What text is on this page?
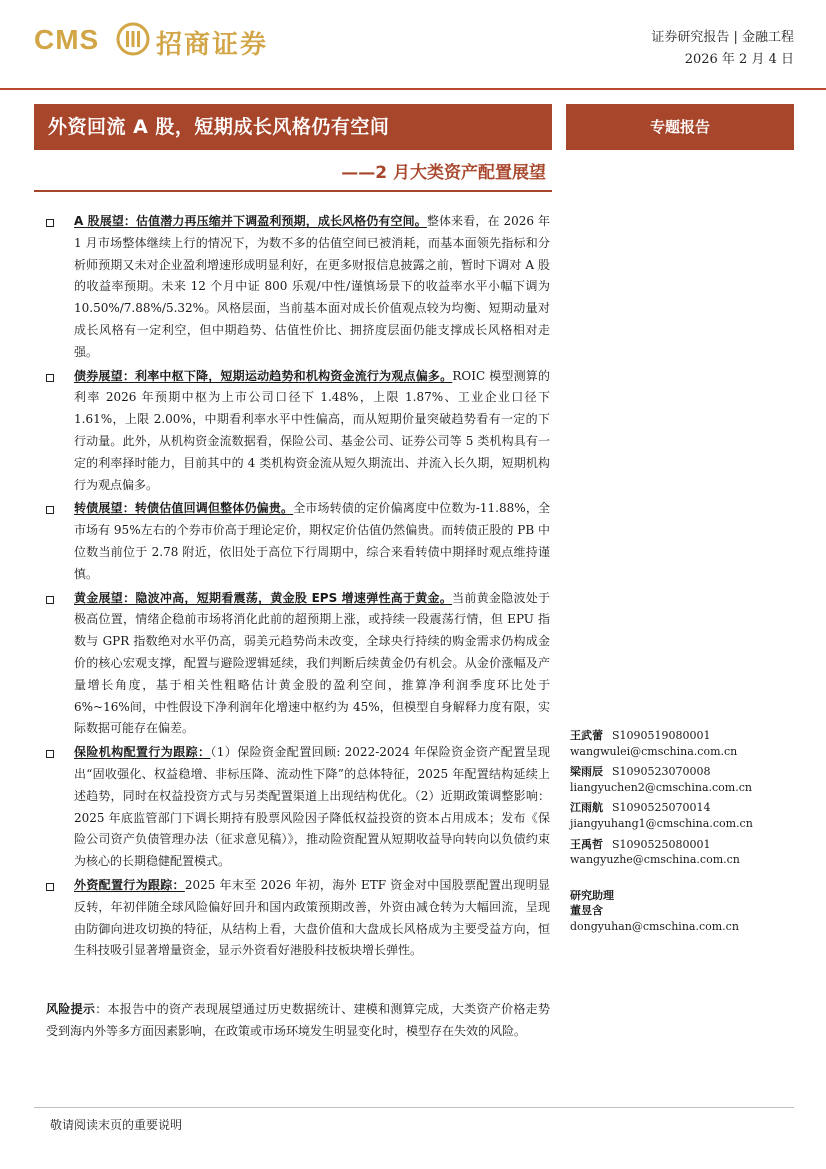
CMS 招商证券	证券研究报告 | 金融工程
2026 年 2 月 4 日
外资回流 A 股，短期成长风格仍有空间	专题报告
——2 月大类资产配置展望
A 股展望：估值潜力再压缩并下调盈利预期，成长风格仍有空间。整体来看，在 2026 年 1 月市场整体继续上行的情况下，为数不多的估值空间已被消耗，而基本面领先指标和分析师预期又未对企业盈利增速形成明显利好，在更多财报信息披露之前，暂时下调对 A 股的收益率预期。未来 12 个月中证 800 乐观/中性/谨慎场景下的收益率水平小幅下调为 10.50%/7.88%/5.32%。风格层面，当前基本面对成长价值观点较为均衡、短期动量对成长风格有一定利空，但中期趋势、估值性价比、拥挤度层面仍能支撑成长风格相对走强。
债券展望：利率中枢下降，短期运动趋势和机构资金流行为观点偏多。ROIC 模型测算的利率 2026 年预期中枢为上市公司口径下 1.48%，上限 1.87%、工业企业口径下 1.61%，上限 2.00%，中期看利率水平中性偏高，而从短期价量突破趋势看有一定的下行动量。此外，从机构资金流数据看，保险公司、基金公司、证券公司等 5 类机构具有一定的利率择时能力，目前其中的 4 类机构资金流从短久期流出、并流入长久期，短期机构行为观点偏多。
转债展望：转债估值回调但整体仍偏贵。全市场转债的定价偏离度中位数为-11.88%，全市场有 95%左右的个券市价高于理论定价，期权定价估值仍然偏贵。而转债正股的 PB 中位数当前位于 2.78 附近，依旧处于高位下行周期中，综合来看转债中期择时观点维持谨慎。
黄金展望：隐波冲高，短期看震荡，黄金股 EPS 增速弹性高于黄金。当前黄金隐波处于极高位置，情绪企稳前市场将消化此前的超预期上涨，或持续一段震荡行情，但 EPU 指数与 GPR 指数绝对水平仍高，弱美元趋势尚未改变，全球央行持续的购金需求仍构成金价的核心宏观支撑，配置与避险逻辑延续，我们判断后续黄金仍有机会。从金价涨幅及产量增长角度，基于相关性粗略估计黄金股的盈利空间，推算净利润季度环比处于 6%~16%间，中性假设下净利润年化增速中枢约为 45%，但模型自身解释力度有限，实际数据可能存在偏差。
保险机构配置行为跟踪：（1）保险资金配置回顾: 2022-2024 年保险资金资产配置呈现出“固收强化、权益稳增、非标压降、流动性下降”的总体特征，2025 年配置结构延续上述趋势，同时在权益投资方式与另类配置渠道上出现结构优化。（2）近期政策调整影响：2025 年底监管部门下调长期持有股票风险因子降低权益投资的资本占用成本；发布《保险公司资产负债管理办法（征求意见稿）》，推动险资配置从短期收益导向转向以负债约束为核心的长期稳健配置模式。
外资配置行为跟踪：2025 年末至 2026 年初，海外 ETF 资金对中国股票配置出现明显反转，年初伴随全球风险偏好回升和国内政策预期改善，外资由减仓转为大幅回流，呈现由防御向进攻切换的特征，从结构上看，大盘价值和大盘成长风格成为主要受益方向，恒生科技吸引显著增量资金，显示外资看好港股科技板块增长弹性。
风险提示：本报告中的资产表现展望通过历史数据统计、建模和测算完成，大类资产价格走势受到海内外等多方面因素影响，在政策或市场环境发生明显变化时，模型存在失效的风险。
王武蕾 S1090519080001
wangwulei@cmschina.com.cn
梁雨辰 S1090523070008
liangyuchen2@cmschina.com.cn
江雨航 S1090525070014
jiangyuhang1@cmschina.com.cn
王禹哲 S1090525080001
wangyuzhe@cmschina.com.cn
研究助理
董昱含
dongyuhan@cmschina.com.cn
敬请阅读末页的重要说明
